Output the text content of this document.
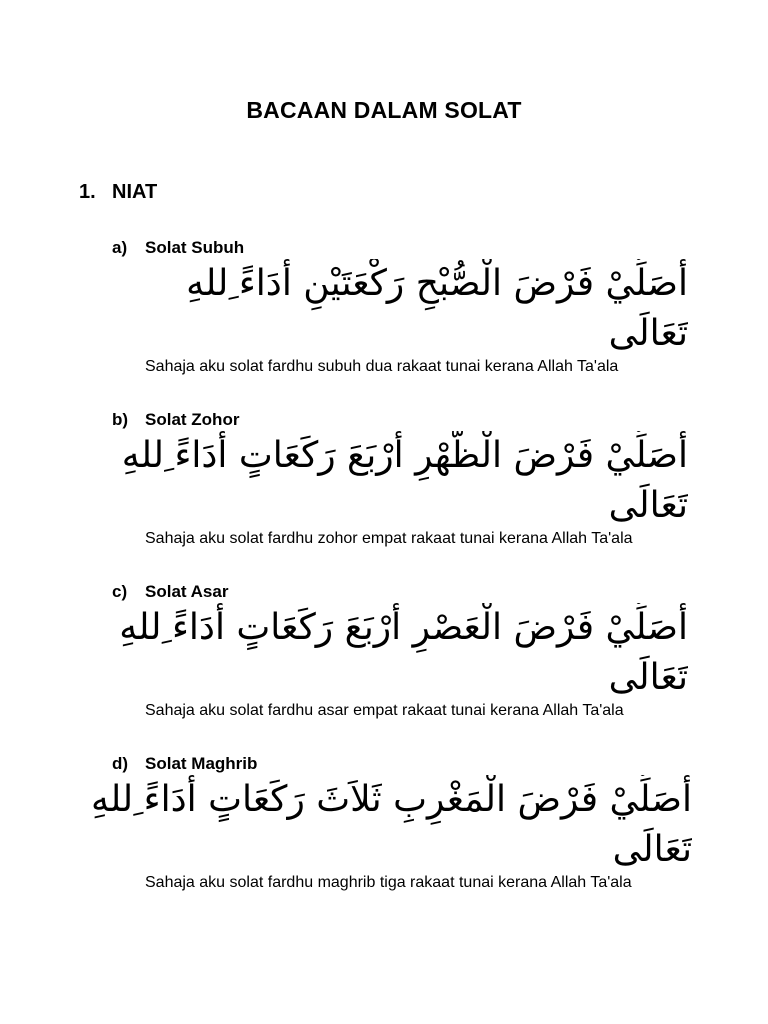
BACAAN DALAM SOLAT
1. NIAT
a) Solat Subuh
أُصَلِّيْ فَرْضَ الْصُّبْحِ رَكْعَتَيْنِ أَدَاءً ِللهِ تَعَالَى
Sahaja aku solat fardhu subuh dua rakaat tunai kerana Allah Ta'ala
b) Solat Zohor
أُصَلِّيْ فَرْضَ الْظُّهْرِ أَرْبَعَ رَكَعَاتٍ أَدَاءً ِللهِ تَعَالَى
Sahaja aku solat fardhu zohor empat rakaat tunai kerana Allah Ta'ala
c) Solat Asar
أُصَلِّيْ فَرْضَ الْعَصْرِ أَرْبَعَ رَكَعَاتٍ أَدَاءً ِللهِ تَعَالَى
Sahaja aku solat fardhu asar empat rakaat tunai kerana Allah Ta'ala
d) Solat Maghrib
أُصَلِّيْ فَرْضَ الْمَغْرِبِ ثَلاَثَ رَكَعَاتٍ أَدَاءً ِللهِ تَعَالَى
Sahaja aku solat fardhu maghrib tiga rakaat tunai kerana Allah Ta'ala
